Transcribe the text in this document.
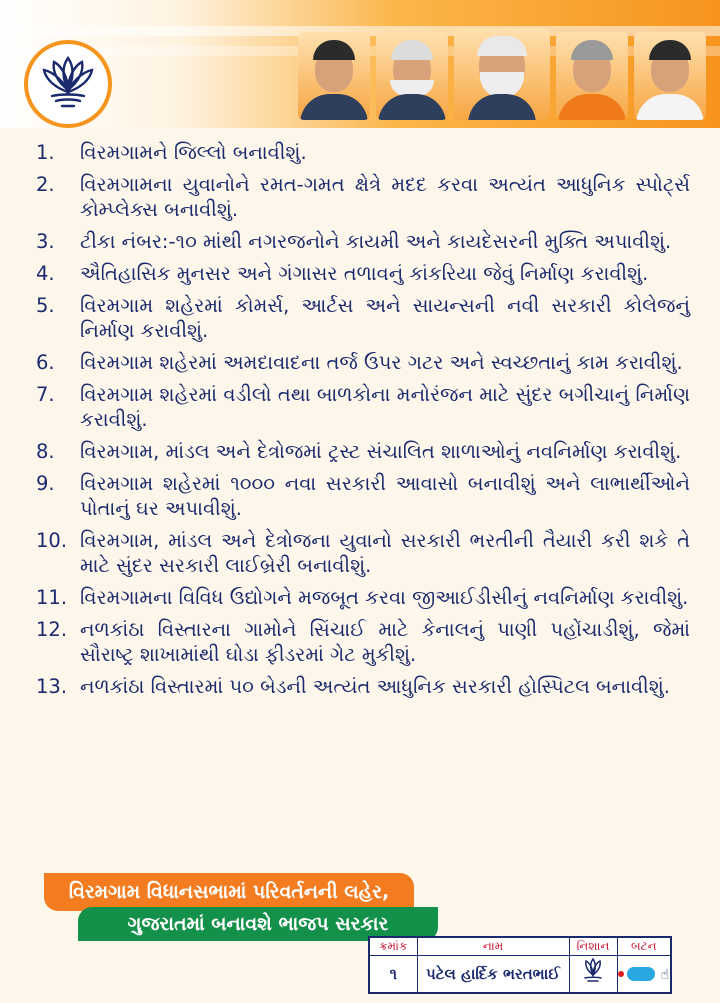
1.	વિરમગામને જિલ્લો બનાવીશું.
2.	વિરમગામના યુવાનોને રમત-ગમત ક્ષેત્રે મદદ કરવા અત્યંત આધુનિક સ્પોર્ટ્સ કોમ્પ્લેક્સ બનાવીશું.
3.	ટીકા નંબર:-૧૦ માંથી નગરજનોને કાયમી અને કાયદેસરની મુક્તિ અપાવીશું.
4.	ઐતિહાસિક મુનસર અને ગંગાસર તળાવનું કાંકરિયા જેવું નિર્માણ કરાવીશું.
5.	વિરમગામ શહેરમાં કોમર્સ, આર્ટસ અને સાયન્સની નવી સરકારી કોલેજનું નિર્માણ કરાવીશું.
6.	વિરમગામ શહેરમાં અમદાવાદના તર્જ ઉપર ગટર અને સ્વચ્છતાનું કામ કરાવીશું.
7.	વિરમગામ શહેરમાં વડીલો તથા બાળકોના મનોરંજન માટે સુંદર બગીચાનું નિર્માણ કરાવીશું.
8.	વિરમગામ, માંડલ અને દેત્રોજમાં ટ્રસ્ટ સંચાલિત શાળાઓનું નવનિર્માણ કરાવીશું.
9.	વિરમગામ શહેરમાં ૧૦૦૦ નવા સરકારી આવાસો બનાવીશું અને લાભાર્થીઓને પોતાનું ઘર અપાવીશું.
10. વિરમગામ, માંડલ અને દેત્રોજના યુવાનો સરકારી ભરતીની તૈયારી કરી શકે તે માટે સુંદર સરકારી લાઈબ્રેરી બનાવીશું.
11. વિરમગામના વિવિધ ઉદ્યોગને મજબૂત કરવા જીઆઈડીસીનું નવનિર્માણ કરાવીશું.
12. નળકાંઠા વિસ્તારના ગામોને સિંચાઈ માટે કેનાલનું પાણી પહોંચાડીશું, જેમાં સૌરાષ્ટ્ર શાખામાંથી ઘોડા ફીડરમાં ગેટ મુકીશું.
13. નળકાંઠા વિસ્તારમાં ૫૦ બેડની અત્યંત આધુનિક સરકારી હોસ્પિટલ બનાવીશું.
વિરમગામ વિધાનસભામાં પરિવર્તનની લહેર,
ગુજરાતમાં બનાવશે ભાજપ સરકાર
ક્રમાંક	નામ	નિશાન	બટન
૧	પટેલ હાર્દિક ભરતભાઈ		☝
